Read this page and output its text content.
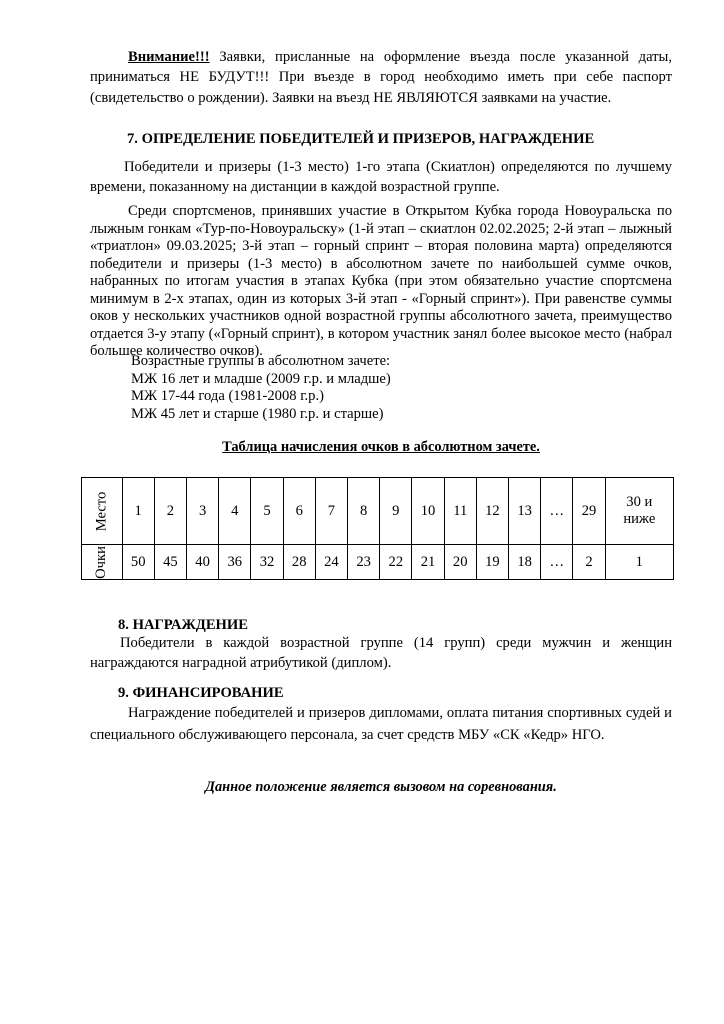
Внимание!!! Заявки, присланные на оформление въезда после указанной даты, приниматься НЕ БУДУТ!!! При въезде в город необходимо иметь при себе паспорт (свидетельство о рождении). Заявки на въезд НЕ ЯВЛЯЮТСЯ заявками на участие.

7. ОПРЕДЕЛЕНИЕ ПОБЕДИТЕЛЕЙ И ПРИЗЕРОВ, НАГРАЖДЕНИЕ

Победители и призеры (1-3 место) 1-го этапа (Скиатлон) определяются по лучшему времени, показанному на дистанции в каждой возрастной группе.

Среди спортсменов, принявших участие в Открытом Кубка города Новоуральска по лыжным гонкам «Тур-по-Новоуральску» (1-й этап – скиатлон 02.02.2025; 2-й этап – лыжный «триатлон» 09.03.2025; 3-й этап – горный спринт – вторая половина марта) определяются победители и призеры (1-3 место) в абсолютном зачете по наибольшей сумме очков, набранных по итогам участия в этапах Кубка (при этом обязательно участие спортсмена минимум в 2-х этапах, один из которых 3-й этап - «Горный спринт»). При равенстве суммы оков у нескольких участников одной возрастной группы абсолютного зачета, преимущество отдается 3-у этапу («Горный спринт), в котором участник занял более высокое место (набрал большее количество очков).

Возрастные группы в абсолютном зачете:
МЖ 16 лет и младше (2009 г.р. и младше)
МЖ 17-44 года (1981-2008 г.р.)
МЖ 45 лет и старше (1980 г.р. и старше)
Таблица начисления очков в абсолютном зачете.
Место	1	2	3	4	5	6	7	8	9	10	11	12	13	…	29	30 и
ниже
Очки	50	45	40	36	32	28	24	23	22	21	20	19	18	…	2	1
8. НАГРАЖДЕНИЕ

Победители в каждой возрастной группе (14 групп) среди мужчин и женщин награждаются наградной атрибутикой (диплом).

9. ФИНАНСИРОВАНИЕ

Награждение победителей и призеров дипломами, оплата питания спортивных судей и специального обслуживающего персонала, за счет средств МБУ «СК «Кедр» НГО.

Данное положение является вызовом на соревнования.
